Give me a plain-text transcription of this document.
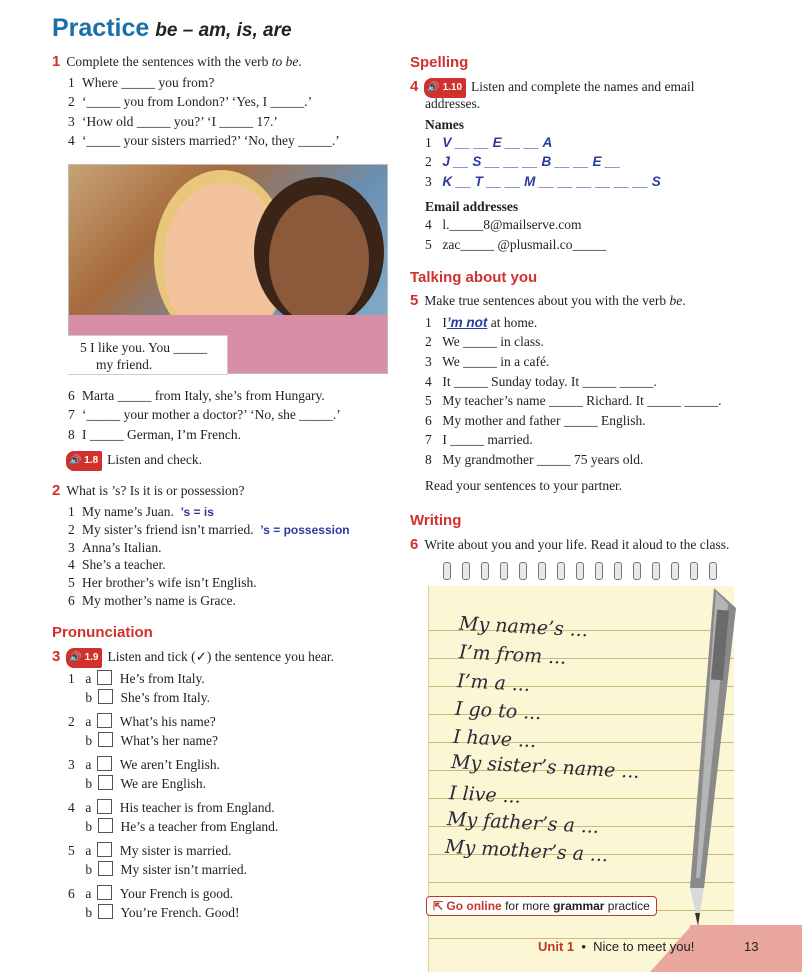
Practice be – am, is, are
1 Complete the sentences with the verb to be.
1 Where _____ you from?
2 ‘_____ you from London?’ ‘Yes, I _____.’
3 ‘How old _____ you?’ ‘I _____ 17.’
4 ‘_____ your sisters married?’ ‘No, they _____.’
5 I like you. You _____
my friend.
6 Marta _____ from Italy, she’s from Hungary.
7 ‘_____ your mother a doctor?’ ‘No, she _____.’
8 I _____ German, I’m French.
🔊 1.8 Listen and check.
2 What is ’s? Is it is or possession?
1 My name’s Juan. ’s = is
2 My sister’s friend isn’t married. ’s = possession
3 Anna’s Italian.
4 She’s a teacher.
5 Her brother’s wife isn’t English.
6 My mother’s name is Grace.
Pronunciation
3 🔊 1.9 Listen and tick (✓) the sentence you hear.
1 a He’s from Italy.
b She’s from Italy.
2 a What’s his name?
b What’s her name?
3 a We aren’t English.
b We are English.
4 a His teacher is from England.
b He’s a teacher from England.
5 a My sister is married.
b My sister isn’t married.
6 a Your French is good.
b You’re French. Good!
Spelling
4 🔊 1.10 Listen and complete the names and email
addresses.
Names
1 V __ __ E __ __ A
2 J __ S __ __ __ B __ __ E __
3 K __ T __ __ M __ __ __ __ __ __ S
Email addresses
4 l._____8@mailserve.com
5 zac_____ @plusmail.co_____
Talking about you
5 Make true sentences about you with the verb be.
1 I’m not at home.
2 We _____ in class.
3 We _____ in a café.
4 It _____ Sunday today. It _____ _____.
5 My teacher’s name _____ Richard. It _____ _____.
6 My mother and father _____ English.
7 I _____ married.
8 My grandmother _____ 75 years old.
Read your sentences to your partner.
Writing
6 Write about you and your life. Read it aloud to the class.
My name’s ...
I’m from ...
I’m a ...
I go to ...
I have ...
My sister’s name ...
I live ...
My father’s a ...
My mother’s a ...
⇱ Go online for more grammar practice
Unit 1 • Nice to meet you!	13
